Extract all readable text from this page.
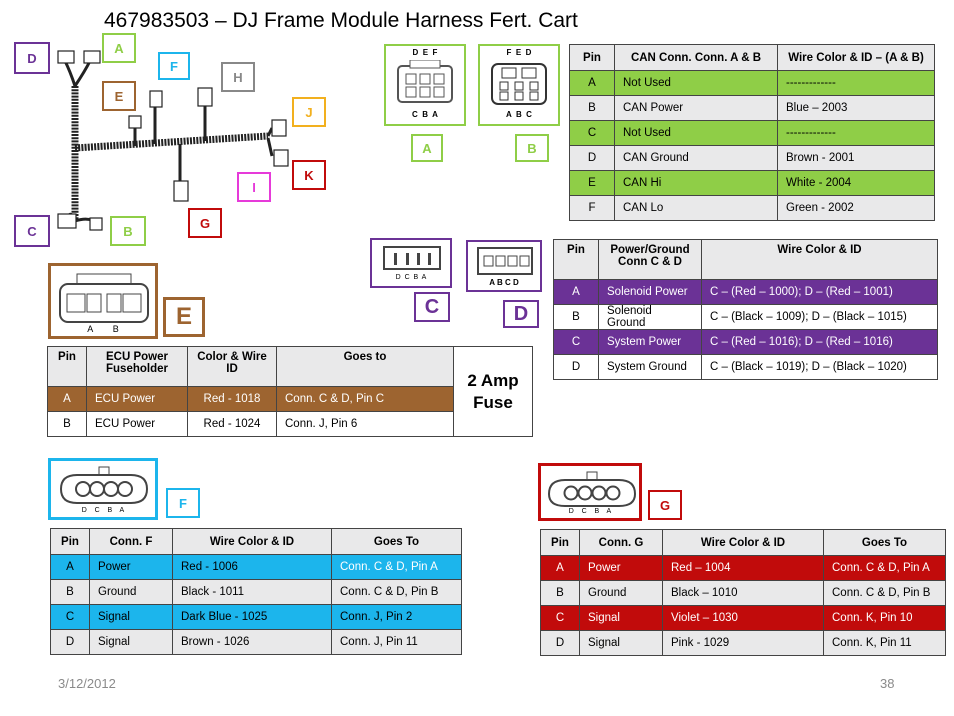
467983503 – DJ Frame Module Harness Fert. Cart
D
A
F
H
E
J
K
I
G
C	B
D  E  F
C  B  A
A
F  E  D
A  B  C
B
Pin	CAN Conn. Conn. A & B	Wire Color & ID – (A & B)
A	Not Used	-------------
B	CAN Power	Blue – 2003
C	Not Used	-------------
D	CAN Ground	Brown - 2001
E	CAN Hi	White - 2004
F	CAN Lo	Green - 2002
D  C  B  A
C
A B C D
D
Pin	Power/Ground Conn C & D	Wire Color & ID
A	Solenoid Power	C – (Red – 1000); D – (Red – 1001)
B	Solenoid Ground	C – (Black – 1009); D – (Black – 1015)
C	System Power	C – (Red – 1016); D – (Red – 1016)
D	System Ground	C – (Black – 1019); D – (Black – 1020)
A        B	E
Pin	ECU Power Fuseholder	Color & Wire ID	Goes to	2 Amp Fuse
A	ECU Power	Red - 1018	Conn. C & D, Pin C	
B	ECU Power	Red - 1024	Conn. J, Pin 6	
D    C    B    A	F
Pin	Conn. F	Wire Color & ID	Goes To
A	Power	Red - 1006	Conn. C & D, Pin A
B	Ground	Black - 1011	Conn. C & D, Pin B
C	Signal	Dark Blue - 1025	Conn. J, Pin 2
D	Signal	Brown - 1026	Conn. J, Pin 11
D    C    B    A	G
Pin	Conn. G	Wire Color & ID	Goes To
A	Power	Red – 1004	Conn. C & D, Pin A
B	Ground	Black – 1010	Conn. C & D, Pin B
C	Signal	Violet – 1030	Conn. K, Pin 10
D	Signal	Pink - 1029	Conn. K, Pin 11
3/12/2012	38
